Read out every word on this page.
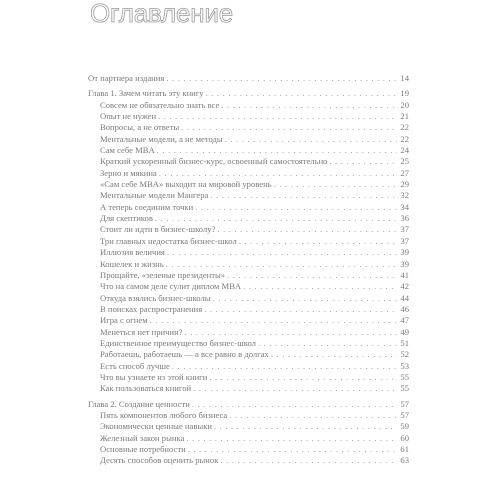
Оглавление
От партнера издания . . .	14
Глава 1. Зачем читать эту книгу . . .	19
Совсем не обязательно знать все . . .	20
Опыт не нужен . . .	21
Вопросы, а не ответы . . .	22
Ментальные модели, а не методы . . .	22
Сам себе MBA . . .	24
Краткий ускоренный бизнес-курс, освоенный самостоятельно . . .	25
Зерно и мякина . . .	27
«Сам себе MBA» выходит на мировой уровень . . .	29
Ментальные модели Мангера . . .	32
А теперь соединим точки . . .	34
Для скептиков . . .	36
Стоит ли идти в бизнес-школу? . . .	37
Три главных недостатка бизнес-школ . . .	37
Иллюзия величия . . .	39
Кошелек и жизнь . . .	39
Прощайте, «зеленые президенты» . . .	41
Что на самом деле сулит диплом MBA . . .	42
Откуда взялись бизнес-школы . . .	44
В поисках распространения . . .	46
Игра с огнем . . .	47
Менеться нет причин? . . .	49
Единственное преимущество бизнес-школ . . .	51
Работаешь, работаешь — а все равно в долгах . . .	52
Есть способ лучше . . .	53
Что вы узнаете из этой книги . . .	55
Как пользоваться книгой . . .	55
Глава 2. Создание ценности . . .	57
Пять компонентов любого бизнеса . . .	57
Экономически ценные навыки . . .	59
Железный закон рынка . . .	60
Основные потребности . . .	61
Десять способов оценить рынок . . .	63
